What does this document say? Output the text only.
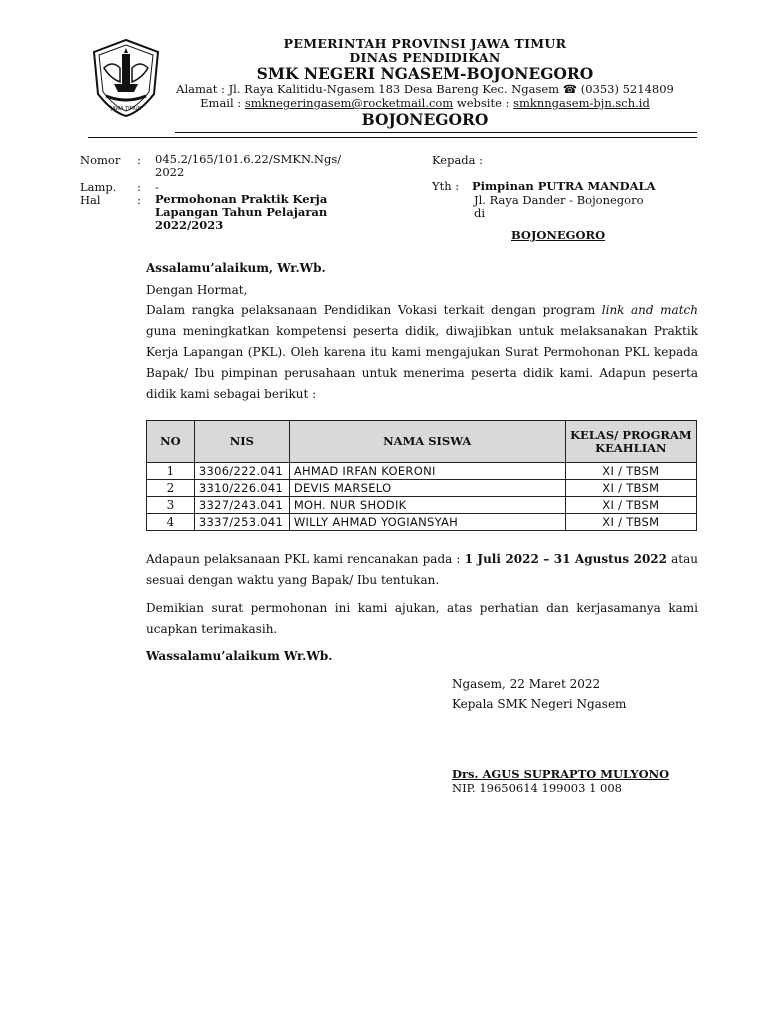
JAWA TIMUR
PEMERINTAH PROVINSI JAWA TIMUR
DINAS PENDIDIKAN
SMK NEGERI NGASEM-BOJONEGORO
Alamat : Jl. Raya Kalitidu-Ngasem 183 Desa Bareng Kec. Ngasem ☎ (0353) 5214809
Email : smknegeringasem@rocketmail.com website : smknngasem-bjn.sch.id
BOJONEGORO
Nomor : 045.2/165/101.6.22/SMKN.Ngs/ 2022
Lamp. : -
Hal	: Permohonan Praktik Kerja Lapangan Tahun Pelajaran 2022/2023
Kepada :
Yth : Pimpinan PUTRA MANDALA
Jl. Raya Dander - Bojonegoro
di
BOJONEGORO
Assalamu’alaikum, Wr.Wb.
Dengan Hormat,
Dalam rangka pelaksanaan Pendidikan Vokasi terkait dengan program link and match guna meningkatkan kompetensi peserta didik, diwajibkan untuk melaksanakan Praktik Kerja Lapangan (PKL). Oleh karena itu kami mengajukan Surat Permohonan PKL kepada Bapak/ Ibu pimpinan perusahaan untuk menerima peserta didik kami. Adapun peserta didik kami sebagai berikut :
NO	NIS	NAMA SISWA	KELAS/ PROGRAM KEAHLIAN
1	3306/222.041	AHMAD IRFAN KOERONI	XI / TBSM
2	3310/226.041	DEVIS MARSELO	XI / TBSM
3	3327/243.041	MOH. NUR SHODIK	XI / TBSM
4	3337/253.041	WILLY AHMAD YOGIANSYAH	XI / TBSM
Adapaun pelaksanaan PKL kami rencanakan pada : 1 Juli 2022 – 31 Agustus 2022 atau sesuai dengan waktu yang Bapak/ Ibu tentukan.
Demikian surat permohonan ini kami ajukan, atas perhatian dan kerjasamanya kami ucapkan terimakasih.
Wassalamu’alaikum Wr.Wb.
Ngasem, 22 Maret 2022
Kepala SMK Negeri Ngasem
Drs. AGUS SUPRAPTO MULYONO
NIP. 19650614 199003 1 008
